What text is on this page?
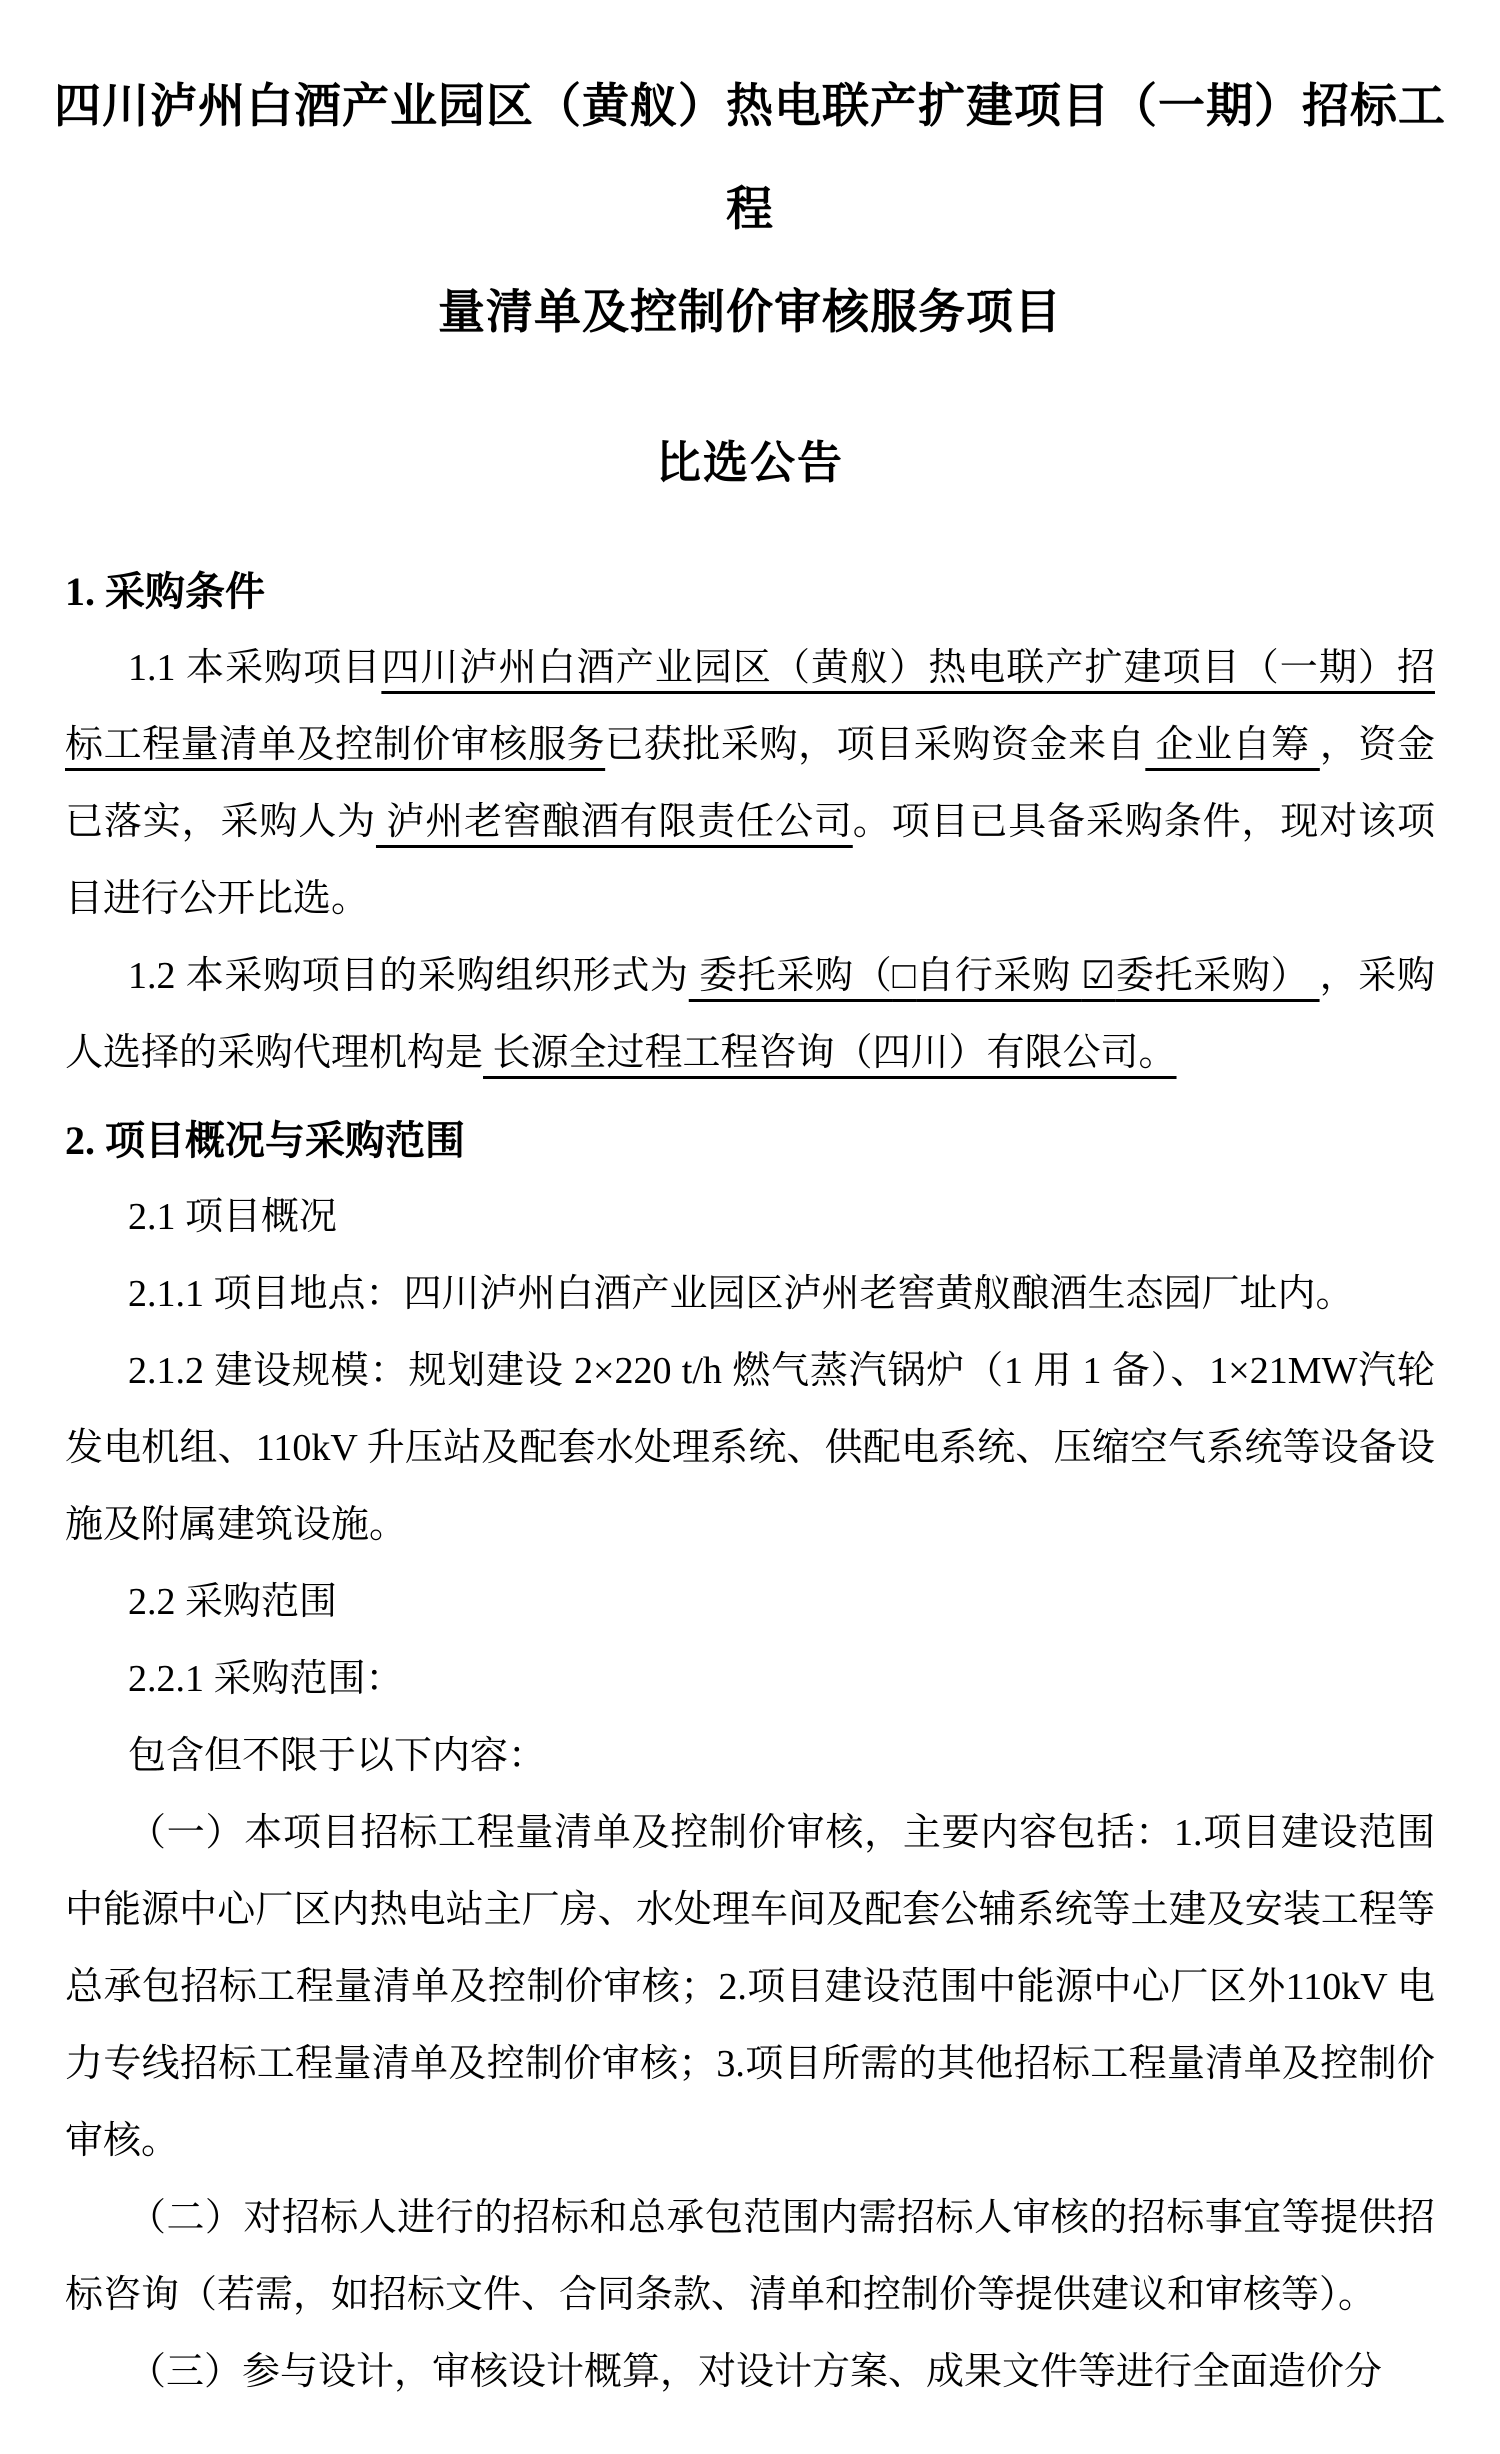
四川泸州白酒产业园区（黄舣）热电联产扩建项目（一期）招标工程
量清单及控制价审核服务项目
比选公告
1. 采购条件
1.1 本采购项目四川泸州白酒产业园区（黄舣）热电联产扩建项目（一期）招标工程量清单及控制价审核服务已获批采购，项目采购资金来自 企业自筹 ，资金已落实，采购人为 泸州老窖酿酒有限责任公司。项目已具备采购条件，现对该项目进行公开比选。
1.2 本采购项目的采购组织形式为 委托采购（□自行采购 ☑委托采购） ，采购人选择的采购代理机构是 长源全过程工程咨询（四川）有限公司。
2. 项目概况与采购范围
2.1 项目概况
2.1.1 项目地点：四川泸州白酒产业园区泸州老窖黄舣酿酒生态园厂址内。
2.1.2 建设规模：规划建设 2×220 t/h 燃气蒸汽锅炉（1 用 1 备）、1×21MW汽轮发电机组、110kV 升压站及配套水处理系统、供配电系统、压缩空气系统等设备设施及附属建筑设施。
2.2 采购范围
2.2.1 采购范围：
包含但不限于以下内容：
（一）本项目招标工程量清单及控制价审核，主要内容包括：1.项目建设范围中能源中心厂区内热电站主厂房、水处理车间及配套公辅系统等土建及安装工程等总承包招标工程量清单及控制价审核；2.项目建设范围中能源中心厂区外110kV 电力专线招标工程量清单及控制价审核；3.项目所需的其他招标工程量清单及控制价审核。
（二）对招标人进行的招标和总承包范围内需招标人审核的招标事宜等提供招标咨询（若需，如招标文件、合同条款、清单和控制价等提供建议和审核等）。
（三）参与设计，审核设计概算，对设计方案、成果文件等进行全面造价分
